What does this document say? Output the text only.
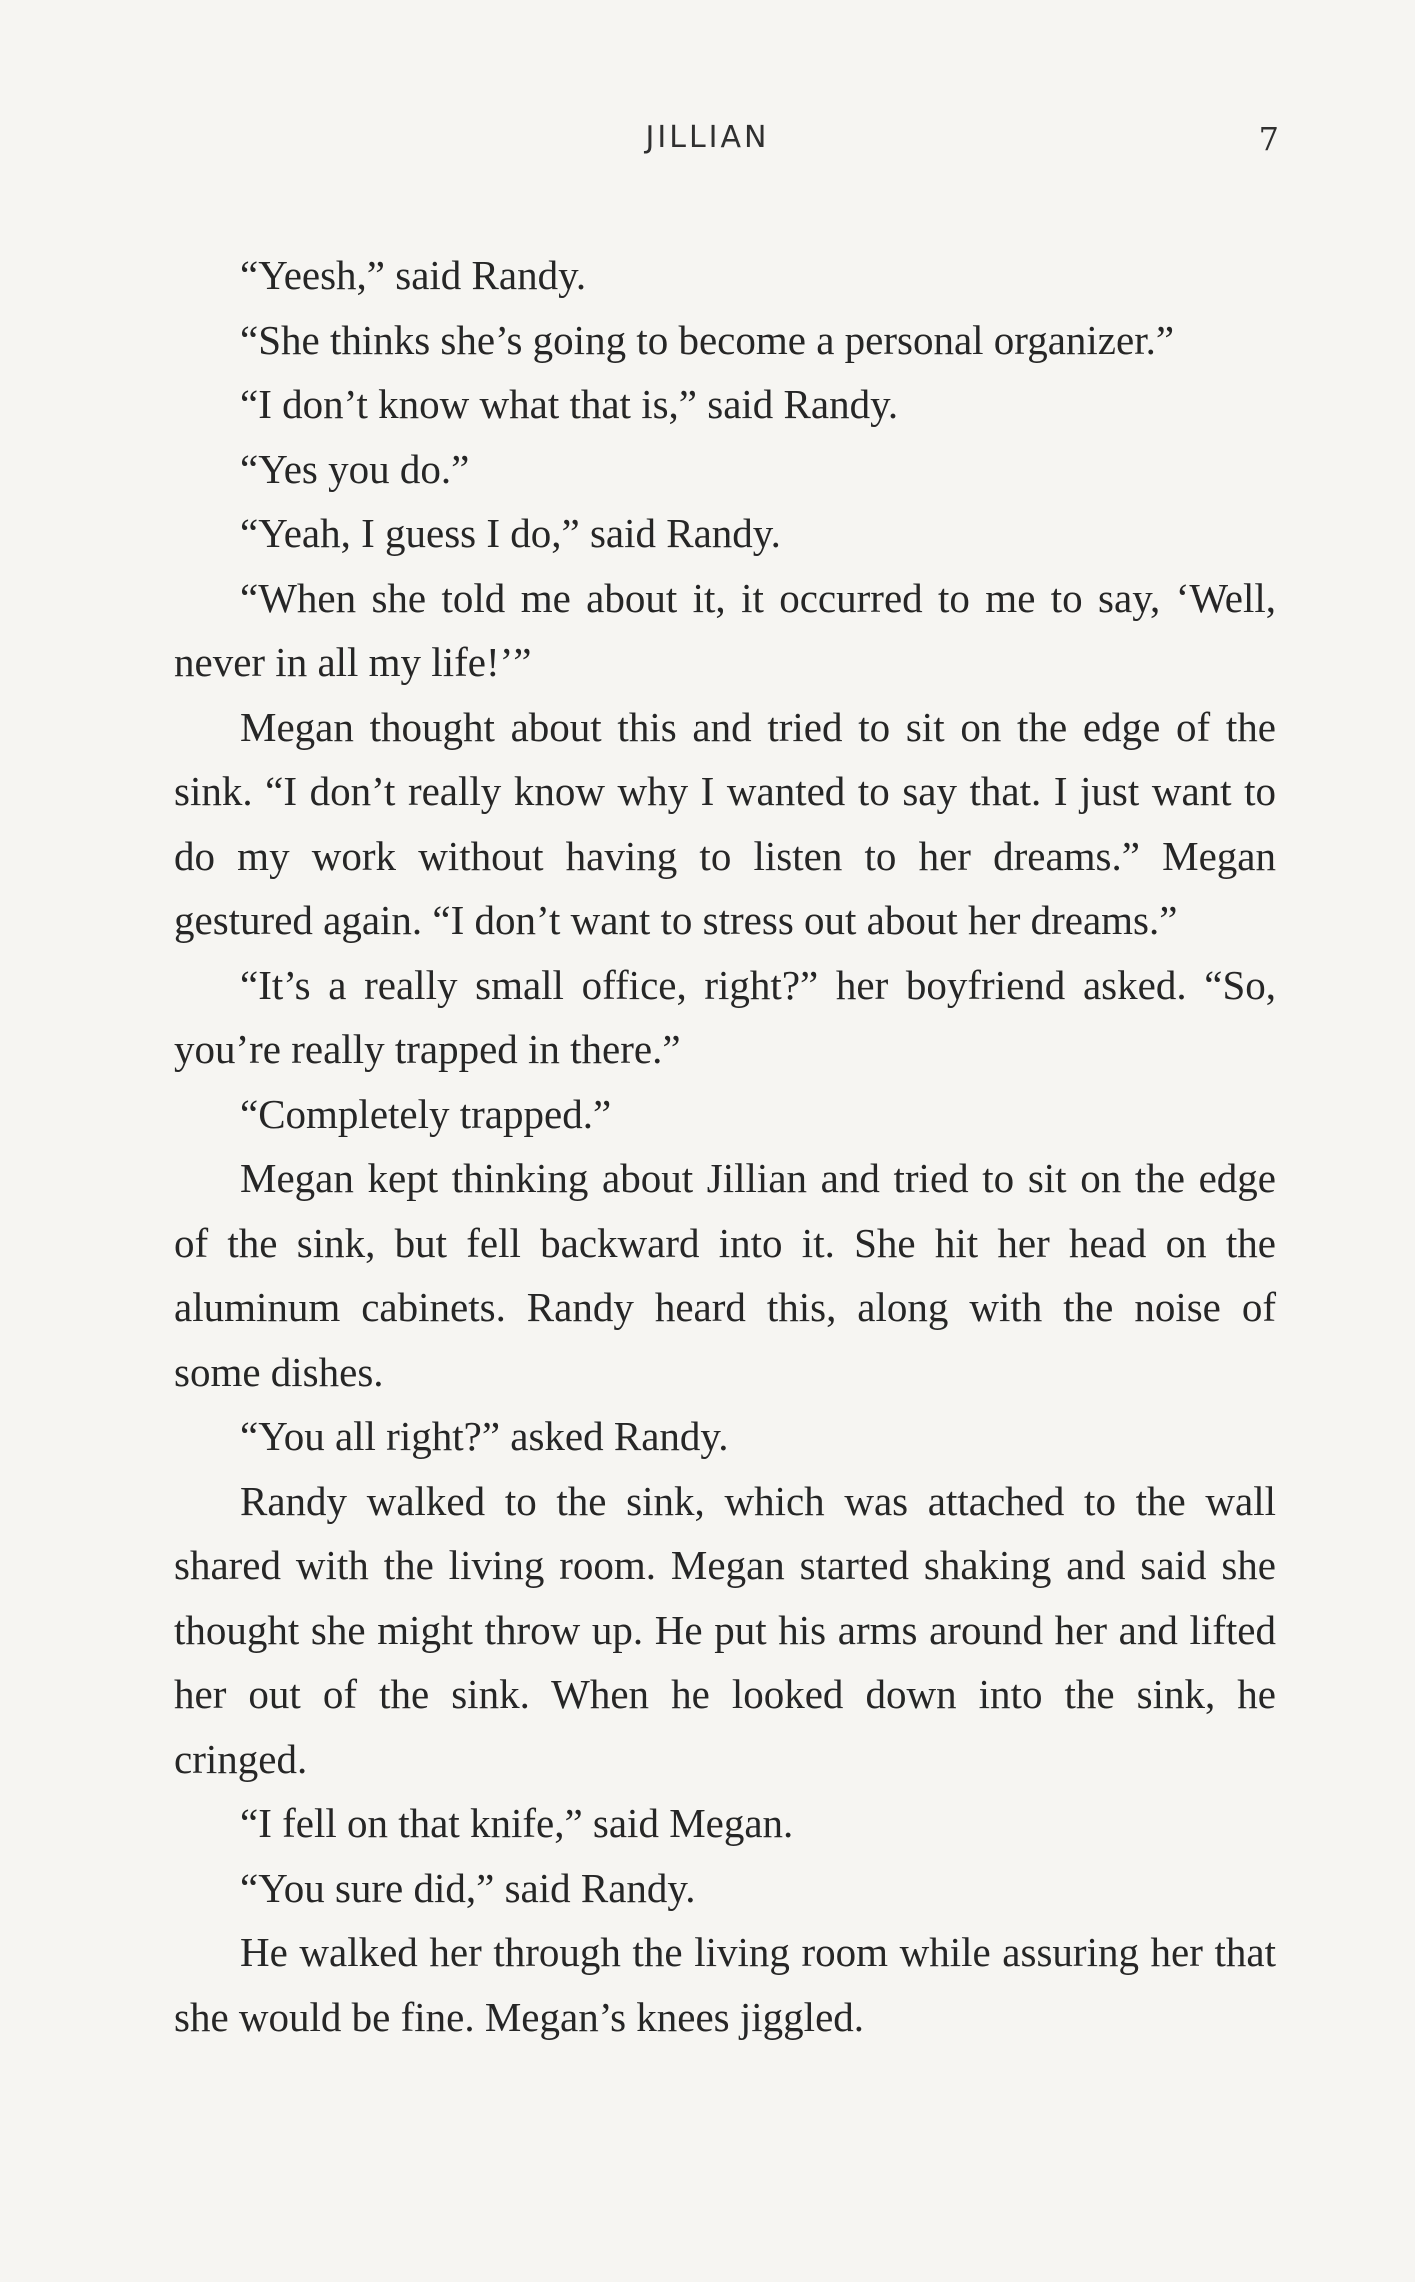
JILLIAN	7

“Yeesh,” said Randy.

“She thinks she’s going to become a personal organizer.”

“I don’t know what that is,” said Randy.

“Yes you do.”

“Yeah, I guess I do,” said Randy.

“When she told me about it, it occurred to me to say, ‘Well, never in all my life!’”

Megan thought about this and tried to sit on the edge of the sink. “I don’t really know why I wanted to say that. I just want to do my work without having to listen to her dreams.” Megan gestured again. “I don’t want to stress out about her dreams.”

“It’s a really small office, right?” her boyfriend asked. “So, you’re really trapped in there.”

“Completely trapped.”

Megan kept thinking about Jillian and tried to sit on the edge of the sink, but fell backward into it. She hit her head on the aluminum cabinets. Randy heard this, along with the noise of some dishes.

“You all right?” asked Randy.

Randy walked to the sink, which was attached to the wall shared with the living room. Megan started shaking and said she thought she might throw up. He put his arms around her and lifted her out of the sink. When he looked down into the sink, he cringed.

“I fell on that knife,” said Megan.

“You sure did,” said Randy.

He walked her through the living room while assuring her that she would be fine. Megan’s knees jiggled.
